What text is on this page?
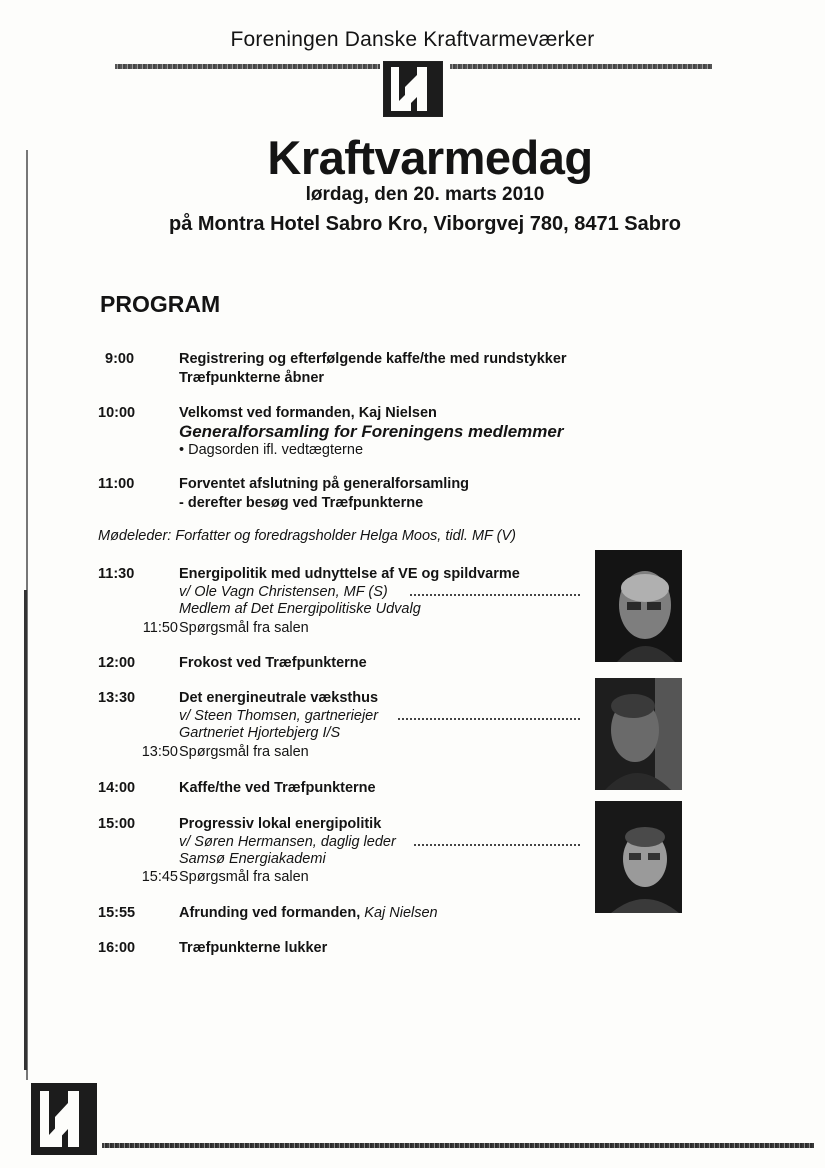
Foreningen Danske Kraftvarmeværker
Kraftvarmedag
lørdag, den 20. marts 2010
på Montra Hotel Sabro Kro, Viborgvej 780, 8471 Sabro
PROGRAM
9:00	Registrering og efterfølgende kaffe/the med rundstykker
Træfpunkterne åbner
10:00	Velkomst ved formanden, Kaj Nielsen
Generalforsamling for Foreningens medlemmer
• Dagsorden ifl. vedtægterne
11:00	Forventet afslutning på generalforsamling
- derefter besøg ved Træfpunkterne
Mødeleder: Forfatter og foredragsholder Helga Moos, tidl. MF (V)
11:30	Energipolitik med udnyttelse af VE og spildvarme
v/ Ole Vagn Christensen, MF (S)
Medlem af Det Energipolitiske Udvalg
11:50 Spørgsmål fra salen
12:00	Frokost ved Træfpunkterne
13:30	Det energineutrale væksthus
v/ Steen Thomsen, gartneriejer
Gartneriet Hjortebjerg I/S
13:50 Spørgsmål fra salen
14:00	Kaffe/the ved Træfpunkterne
15:00	Progressiv lokal energipolitik
v/ Søren Hermansen, daglig leder
Samsø Energiakademi
15:45 Spørgsmål fra salen
15:55	Afrunding ved formanden, Kaj Nielsen
16:00	Træfpunkterne lukker
